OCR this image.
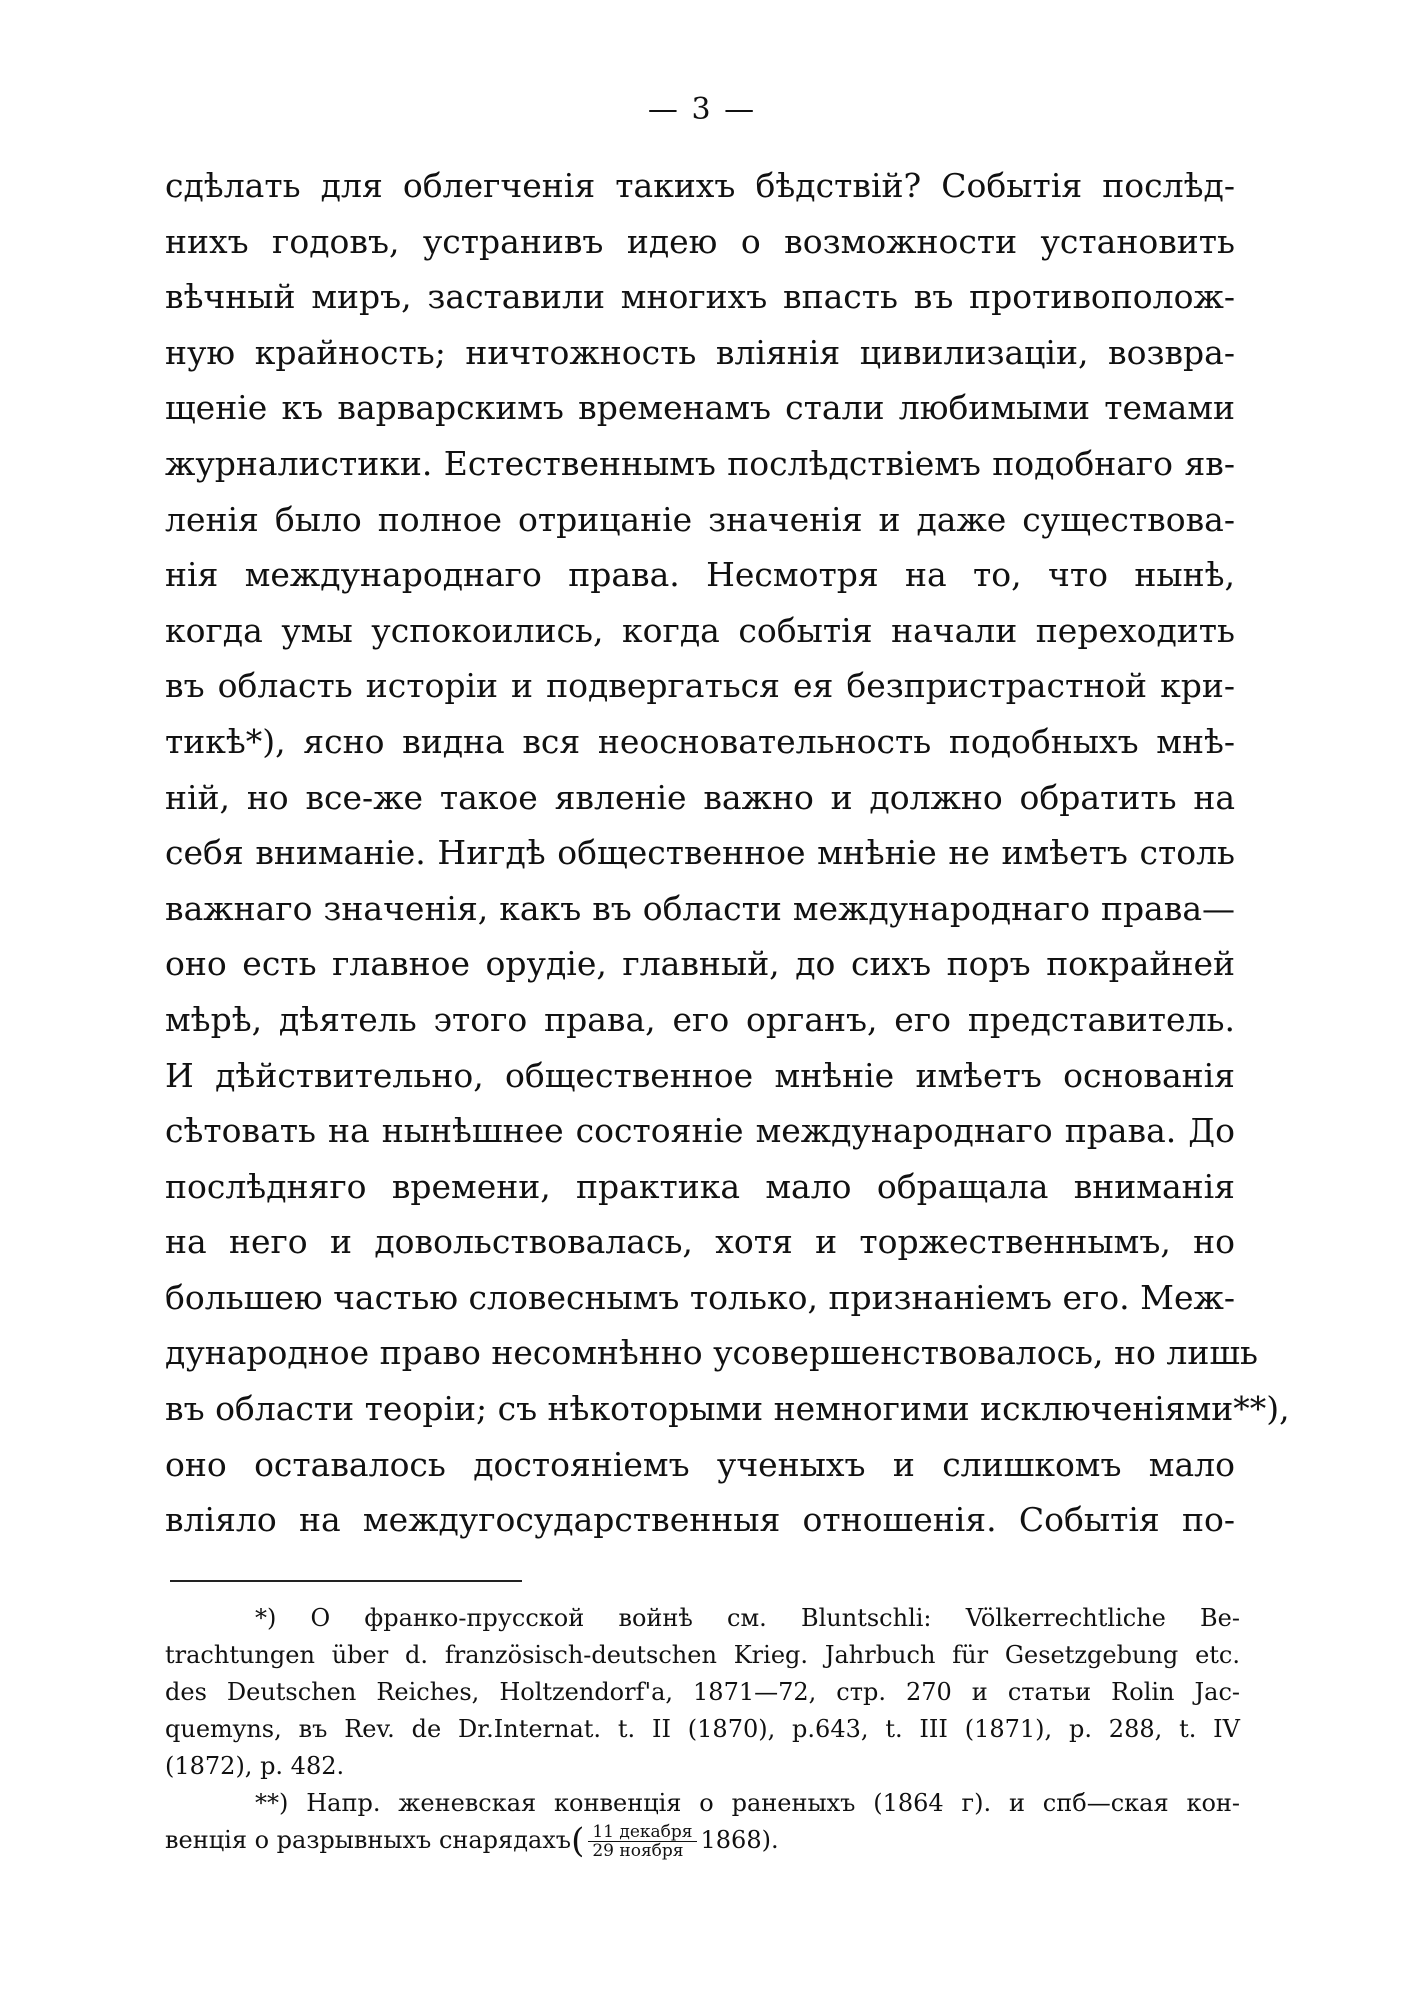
— 3 —
сдѣлать для облегченія такихъ бѣдствій? Событія послѣд-
нихъ годовъ, устранивъ идею о возможности установить
вѣчный миръ, заставили многихъ впасть въ противополож-
ную крайность; ничтожность вліянія цивилизаціи, возвра-
щеніе къ варварскимъ временамъ стали любимыми темами
журналистики. Естественнымъ послѣдствіемъ подобнаго яв-
ленія было полное отрицаніе значенія и даже существова-
нія международнаго права. Несмотря на то, что нынѣ,
когда умы успокоились, когда событія начали переходить
въ область исторіи и подвергаться ея безпристрастной кри-
тикѣ*), ясно видна вся неосновательность подобныхъ мнѣ-
ній, но все-же такое явленіе важно и должно обратить на
себя вниманіе. Нигдѣ общественное мнѣніе не имѣетъ столь
важнаго значенія, какъ въ области международнаго права—
оно есть главное орудіе, главный, до сихъ поръ покрайней
мѣрѣ, дѣятель этого права, его органъ, его представитель.
И дѣйствительно, общественное мнѣніе имѣетъ основанія
сѣтовать на нынѣшнее состояніе международнаго права. До
послѣдняго времени, практика мало обращала вниманія
на него и довольствовалась, хотя и торжественнымъ, но
большею частью словеснымъ только, признаніемъ его. Меж-
дународное право несомнѣнно усовершенствовалось, но лишь
въ области теоріи; съ нѣкоторыми немногими исключеніями**),
оно оставалось достояніемъ ученыхъ и слишкомъ мало
вліяло на междугосударственныя отношенія. Событія по-
*) О франко-прусской войнѣ см. Bluntschli: Völkerrechtliche Be-
trachtungen über d. französisch-deutschen Krieg. Jahrbuch für Gesetzgebung etc.
des Deutschen Reiches, Holtzendorf'a, 1871—72, стр. 270 и статьи Rolin Jac-
quemyns, въ Rev. de Dr.Internat. t. II (1870), p.643, t. III (1871), p. 288, t. IV
(1872), p. 482.
**) Напр. женевская конвенція о раненыхъ (1864 г). и спб—ская кон-
венція о разрывныхъ снарядахъ( $\frac{\text{11 декабря}}{\text{29 ноября}} 1868$).
